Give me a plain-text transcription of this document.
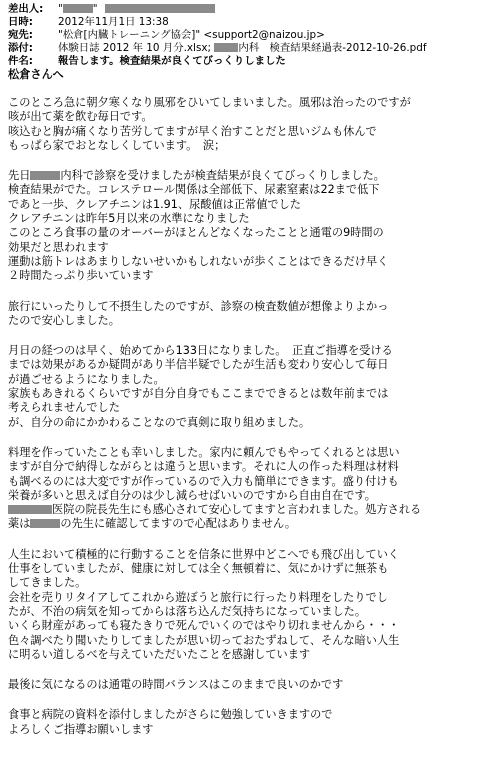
差出人:	"	"
日時:	2012年11月1日 13:38
宛先:	"松倉[内臓トレーニング協会]" <support2@naizou.jp>
添付:	体験日誌 2012 年 10 月分.xlsx;	内科　検査結果経過表-2012-10-26.pdf
件名:	報告します。検査結果が良くてびっくりしました
松倉さんへ
このところ急に朝夕寒くなり風邪をひいてしまいました。風邪は治ったのですが
咳が出て薬を飲む毎日です。
咳込むと胸が痛くなり苦労してますが早く治すことだと思いジムも休んで
もっぱら家でおとなしくしています。　涙；
先日	内科で診察を受けましたが検査結果が良くてびっくりしました。
検査結果がでた。コレステロール関係は全部低下、尿素窒素は22まで低下
であと一歩、クレアチニンは1.91、尿酸値は正常値でした
クレアチニンは昨年5月以来の水準になりました
このところ食事の量のオーバーがほとんどなくなったことと通電の9時間の
効果だと思われます
運動は筋トレはあまりしないせいかもしれないが歩くことはできるだけ早く
２時間たっぷり歩いています
旅行にいったりして不摂生したのですが、診察の検査数値が想像よりよかっ
たので安心しました。
月日の経つのは早く、始めてから133日になりました。　正直ご指導を受ける
までは効果があるか疑問があり半信半疑でしたが生活も変わり安心して毎日
が過ごせるようになりました。
家族もあきれるくらいですが自分自身でもここまでできるとは数年前までは
考えられませんでした
が、自分の命にかかわることなので真剣に取り組めました。
料理を作っていたことも幸いしました。家内に頼んでもやってくれるとは思い
ますが自分で納得しながらとは違うと思います。それに人の作った料理は材料
も調べるのには大変ですが作っているので入力も簡単にできます。盛り付けも
栄養が多いと思えば自分のは少し減らせばいいのですから自由自在です。
医院の院長先生にも感心されて安心してますと言われました。処方される
薬は	の先生に確認してますので心配はありません。
人生において積極的に行動することを信条に世界中どこへでも飛び出していく
仕事をしていましたが、健康に対しては全く無頓着に、気にかけずに無茶も
してきました。
会社を売りリタイアしてこれから遊ぼうと旅行に行ったり料理をしたりでし
たが、不治の病気を知ってからは落ち込んだ気持ちになっていました。
いくら財産があっても寝たきりで死んでいくのではやり切れませんから・・・
色々調べたり聞いたりしてましたが思い切っておたずねして、そんな暗い人生
に明るい道しるべを与えていただいたことを感謝しています
最後に気になるのは通電の時間バランスはこのままで良いのかです
食事と病院の資料を添付しましたがさらに勉強していきますので
よろしくご指導お願いします
